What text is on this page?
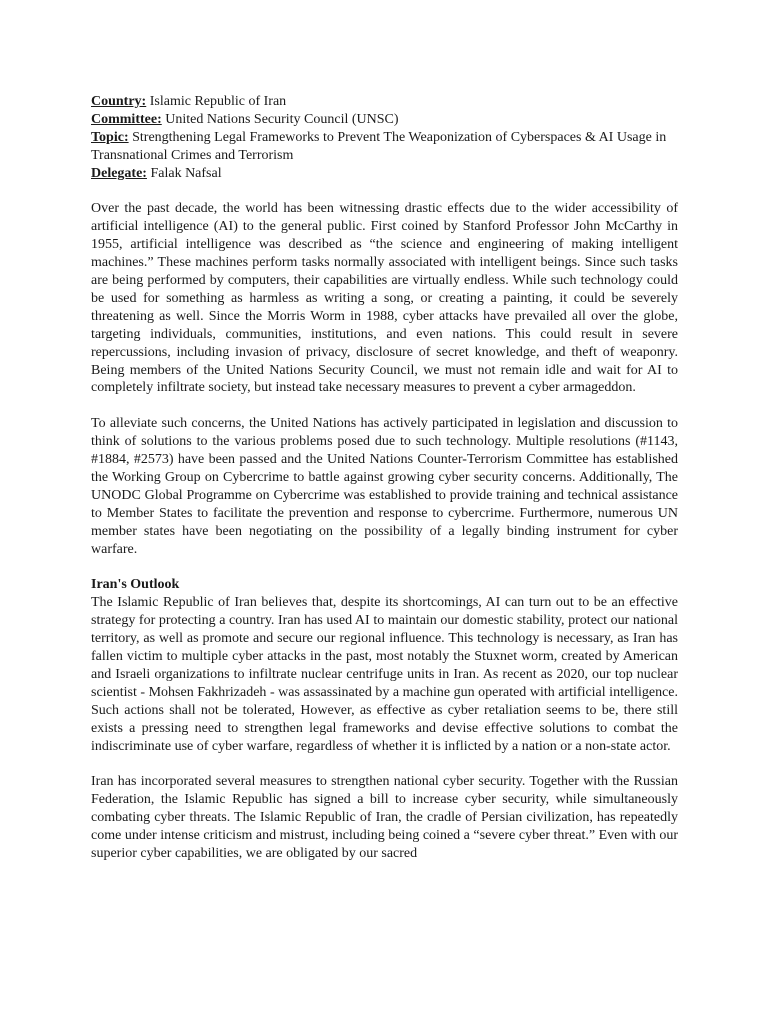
Country: Islamic Republic of Iran

Committee: United Nations Security Council (UNSC)

Topic: Strengthening Legal Frameworks to Prevent The Weaponization of Cyberspaces & AI Usage in Transnational Crimes and Terrorism

Delegate: Falak Nafsal

Over the past decade, the world has been witnessing drastic effects due to the wider accessibility of artificial intelligence (AI) to the general public. First coined by Stanford Professor John McCarthy in 1955, artificial intelligence was described as “the science and engineering of making intelligent machines.” These machines perform tasks normally associated with intelligent beings. Since such tasks are being performed by computers, their capabilities are virtually endless. While such technology could be used for something as harmless as writing a song, or creating a painting, it could be severely threatening as well. Since the Morris Worm in 1988, cyber attacks have prevailed all over the globe, targeting individuals, communities, institutions, and even nations. This could result in severe repercussions, including invasion of privacy, disclosure of secret knowledge, and theft of weaponry. Being members of the United Nations Security Council, we must not remain idle and wait for AI to completely infiltrate society, but instead take necessary measures to prevent a cyber armageddon.

To alleviate such concerns, the United Nations has actively participated in legislation and discussion to think of solutions to the various problems posed due to such technology. Multiple resolutions (#1143, #1884, #2573) have been passed and the United Nations Counter-Terrorism Committee has established the Working Group on Cybercrime to battle against growing cyber security concerns. Additionally, The UNODC Global Programme on Cybercrime was established to provide training and technical assistance to Member States to facilitate the prevention and response to cybercrime. Furthermore, numerous UN member states have been negotiating on the possibility of a legally binding instrument for cyber warfare.

Iran's Outlook

The Islamic Republic of Iran believes that, despite its shortcomings, AI can turn out to be an effective strategy for protecting a country. Iran has used AI to maintain our domestic stability, protect our national territory, as well as promote and secure our regional influence. This technology is necessary, as Iran has fallen victim to multiple cyber attacks in the past, most notably the Stuxnet worm, created by American and Israeli organizations to infiltrate nuclear centrifuge units in Iran. As recent as 2020, our top nuclear scientist - Mohsen Fakhrizadeh - was assassinated by a machine gun operated with artificial intelligence. Such actions shall not be tolerated, However, as effective as cyber retaliation seems to be, there still exists a pressing need to strengthen legal frameworks and devise effective solutions to combat the indiscriminate use of cyber warfare, regardless of whether it is inflicted by a nation or a non-state actor.

Iran has incorporated several measures to strengthen national cyber security. Together with the Russian Federation, the Islamic Republic has signed a bill to increase cyber security, while simultaneously combating cyber threats. The Islamic Republic of Iran, the cradle of Persian civilization, has repeatedly come under intense criticism and mistrust, including being coined a “severe cyber threat.” Even with our superior cyber capabilities, we are obligated by our sacred
